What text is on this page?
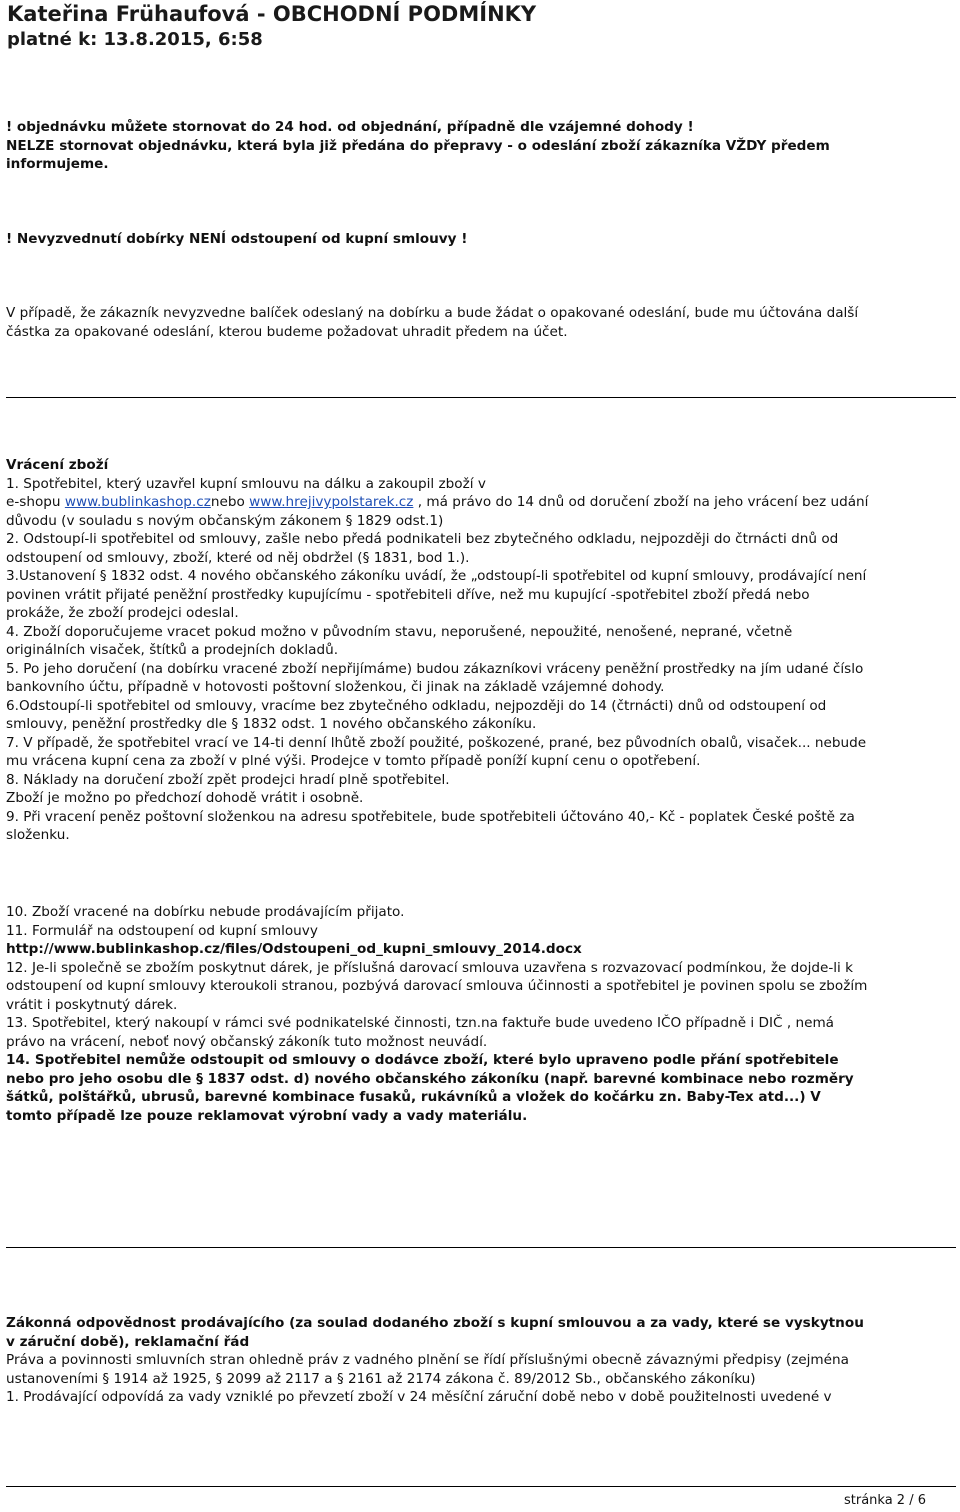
Kateřina Frühaufová - OBCHODNÍ PODMÍNKY
platné k: 13.8.2015, 6:58
! objednávku můžete stornovat do 24 hod. od objednání, případně dle vzájemné dohody !
NELZE stornovat objednávku, která byla již předána do přepravy - o odeslání zboží zákazníka VŽDY předem
informujeme.
! Nevyzvednutí dobírky NENÍ odstoupení od kupní smlouvy !
V případě, že zákazník nevyzvedne balíček odeslaný na dobírku a bude žádat o opakované odeslání, bude mu účtována další
částka za opakované odeslání, kterou budeme požadovat uhradit předem na účet.
Vrácení zboží
1. Spotřebitel, který uzavřel kupní smlouvu na dálku a zakoupil zboží v
e-shopu www.bublinkashop.cznebo www.hrejivypolstarek.cz , má právo do 14 dnů od doručení zboží na jeho vrácení bez udání
důvodu (v souladu s novým občanským zákonem § 1829 odst.1)
2. Odstoupí-li spotřebitel od smlouvy, zašle nebo předá podnikateli bez zbytečného odkladu, nejpozději do čtrnácti dnů od
odstoupení od smlouvy, zboží, které od něj obdržel (§ 1831, bod 1.).
3.Ustanovení § 1832 odst. 4 nového občanského zákoníku uvádí, že „odstoupí-li spotřebitel od kupní smlouvy, prodávající není
povinen vrátit přijaté peněžní prostředky kupujícímu - spotřebiteli dříve, než mu kupující -spotřebitel zboží předá nebo
prokáže, že zboží prodejci odeslal.
4. Zboží doporučujeme vracet pokud možno v původním stavu, neporušené, nepoužité, nenošené, neprané, včetně
originálních visaček, štítků a prodejních dokladů.
5. Po jeho doručení (na dobírku vracené zboží nepřijímáme) budou zákazníkovi vráceny peněžní prostředky na jím udané číslo
bankovního účtu, případně v hotovosti poštovní složenkou, či jinak na základě vzájemné dohody.
6.Odstoupí-li spotřebitel od smlouvy, vracíme bez zbytečného odkladu, nejpozději do 14 (čtrnácti) dnů od odstoupení od
smlouvy, peněžní prostředky dle § 1832 odst. 1 nového občanského zákoníku.
7. V případě, že spotřebitel vrací ve 14-ti denní lhůtě zboží použité, poškozené, prané, bez původních obalů, visaček... nebude
mu vrácena kupní cena za zboží v plné výši. Prodejce v tomto případě poníží kupní cenu o opotřebení.
8. Náklady na doručení zboží zpět prodejci hradí plně spotřebitel.
Zboží je možno po předchozí dohodě vrátit i osobně.
9. Při vracení peněz poštovní složenkou na adresu spotřebitele, bude spotřebiteli účtováno 40,- Kč - poplatek České poště za
složenku.
10. Zboží vracené na dobírku nebude prodávajícím přijato.
11. Formulář na odstoupení od kupní smlouvy
http://www.bublinkashop.cz/files/Odstoupeni_od_kupni_smlouvy_2014.docx
12. Je-li společně se zbožím poskytnut dárek, je příslušná darovací smlouva uzavřena s rozvazovací podmínkou, že dojde-li k
odstoupení od kupní smlouvy kteroukoli stranou, pozbývá darovací smlouva účinnosti a spotřebitel je povinen spolu se zbožím
vrátit i poskytnutý dárek.
13. Spotřebitel, který nakoupí v rámci své podnikatelské činnosti, tzn.na faktuře bude uvedeno IČO případně i DIČ , nemá
právo na vrácení, neboť nový občanský zákoník tuto možnost neuvádí.
14. Spotřebitel nemůže odstoupit od smlouvy o dodávce zboží, které bylo upraveno podle přání spotřebitele
nebo pro jeho osobu dle § 1837 odst. d) nového občanského zákoníku (např. barevné kombinace nebo rozměry
šátků, polštářků, ubrusů, barevné kombinace fusaků, rukávníků a vložek do kočárku zn. Baby-Tex atd...) V
tomto případě lze pouze reklamovat výrobní vady a vady materiálu.
Zákonná odpovědnost prodávajícího (za soulad dodaného zboží s kupní smlouvou a za vady, které se vyskytnou
v záruční době), reklamační řád
Práva a povinnosti smluvních stran ohledně práv z vadného plnění se řídí příslušnými obecně závaznými předpisy (zejména
ustanoveními § 1914 až 1925, § 2099 až 2117 a § 2161 až 2174 zákona č. 89/2012 Sb., občanského zákoníku)
1. Prodávající odpovídá za vady vzniklé po převzetí zboží v 24 měsíční záruční době nebo v době použitelnosti uvedené v
stránka 2 / 6
